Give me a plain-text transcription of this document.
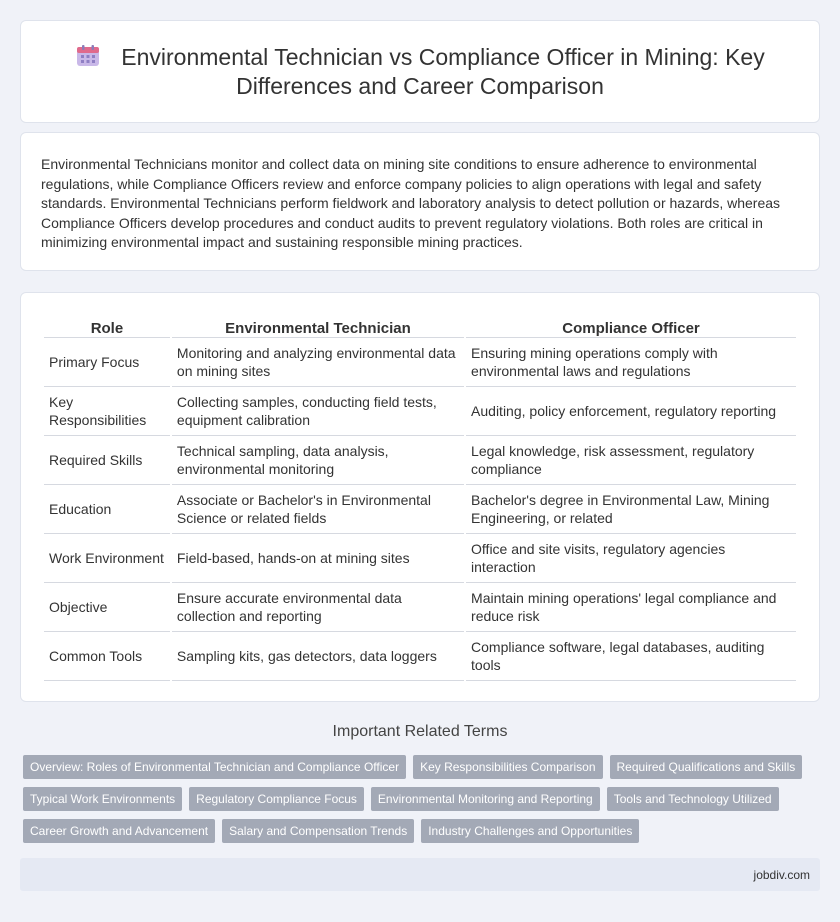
Environmental Technician vs Compliance Officer in Mining: Key Differences and Career Comparison

Environmental Technicians monitor and collect data on mining site conditions to ensure adherence to environmental regulations, while Compliance Officers review and enforce company policies to align operations with legal and safety standards. Environmental Technicians perform fieldwork and laboratory analysis to detect pollution or hazards, whereas Compliance Officers develop procedures and conduct audits to prevent regulatory violations. Both roles are critical in minimizing environmental impact and sustaining responsible mining practices.

Role	Environmental Technician	Compliance Officer
Primary Focus	Monitoring and analyzing environmental data on mining sites	Ensuring mining operations comply with environmental laws and regulations
Key Responsibilities	Collecting samples, conducting field tests, equipment calibration	Auditing, policy enforcement, regulatory reporting
Required Skills	Technical sampling, data analysis, environmental monitoring	Legal knowledge, risk assessment, regulatory compliance
Education	Associate or Bachelor's in Environmental Science or related fields	Bachelor's degree in Environmental Law, Mining Engineering, or related
Work Environment	Field-based, hands-on at mining sites	Office and site visits, regulatory agencies interaction
Objective	Ensure accurate environmental data collection and reporting	Maintain mining operations' legal compliance and reduce risk
Common Tools	Sampling kits, gas detectors, data loggers	Compliance software, legal databases, auditing tools
Important Related Terms
Overview: Roles of Environmental Technician and Compliance Officer	Key Responsibilities Comparison	Required Qualifications and Skills
Typical Work Environments	Regulatory Compliance Focus	Environmental Monitoring and Reporting	Tools and Technology Utilized
Career Growth and Advancement	Salary and Compensation Trends	Industry Challenges and Opportunities
jobdiv.com
